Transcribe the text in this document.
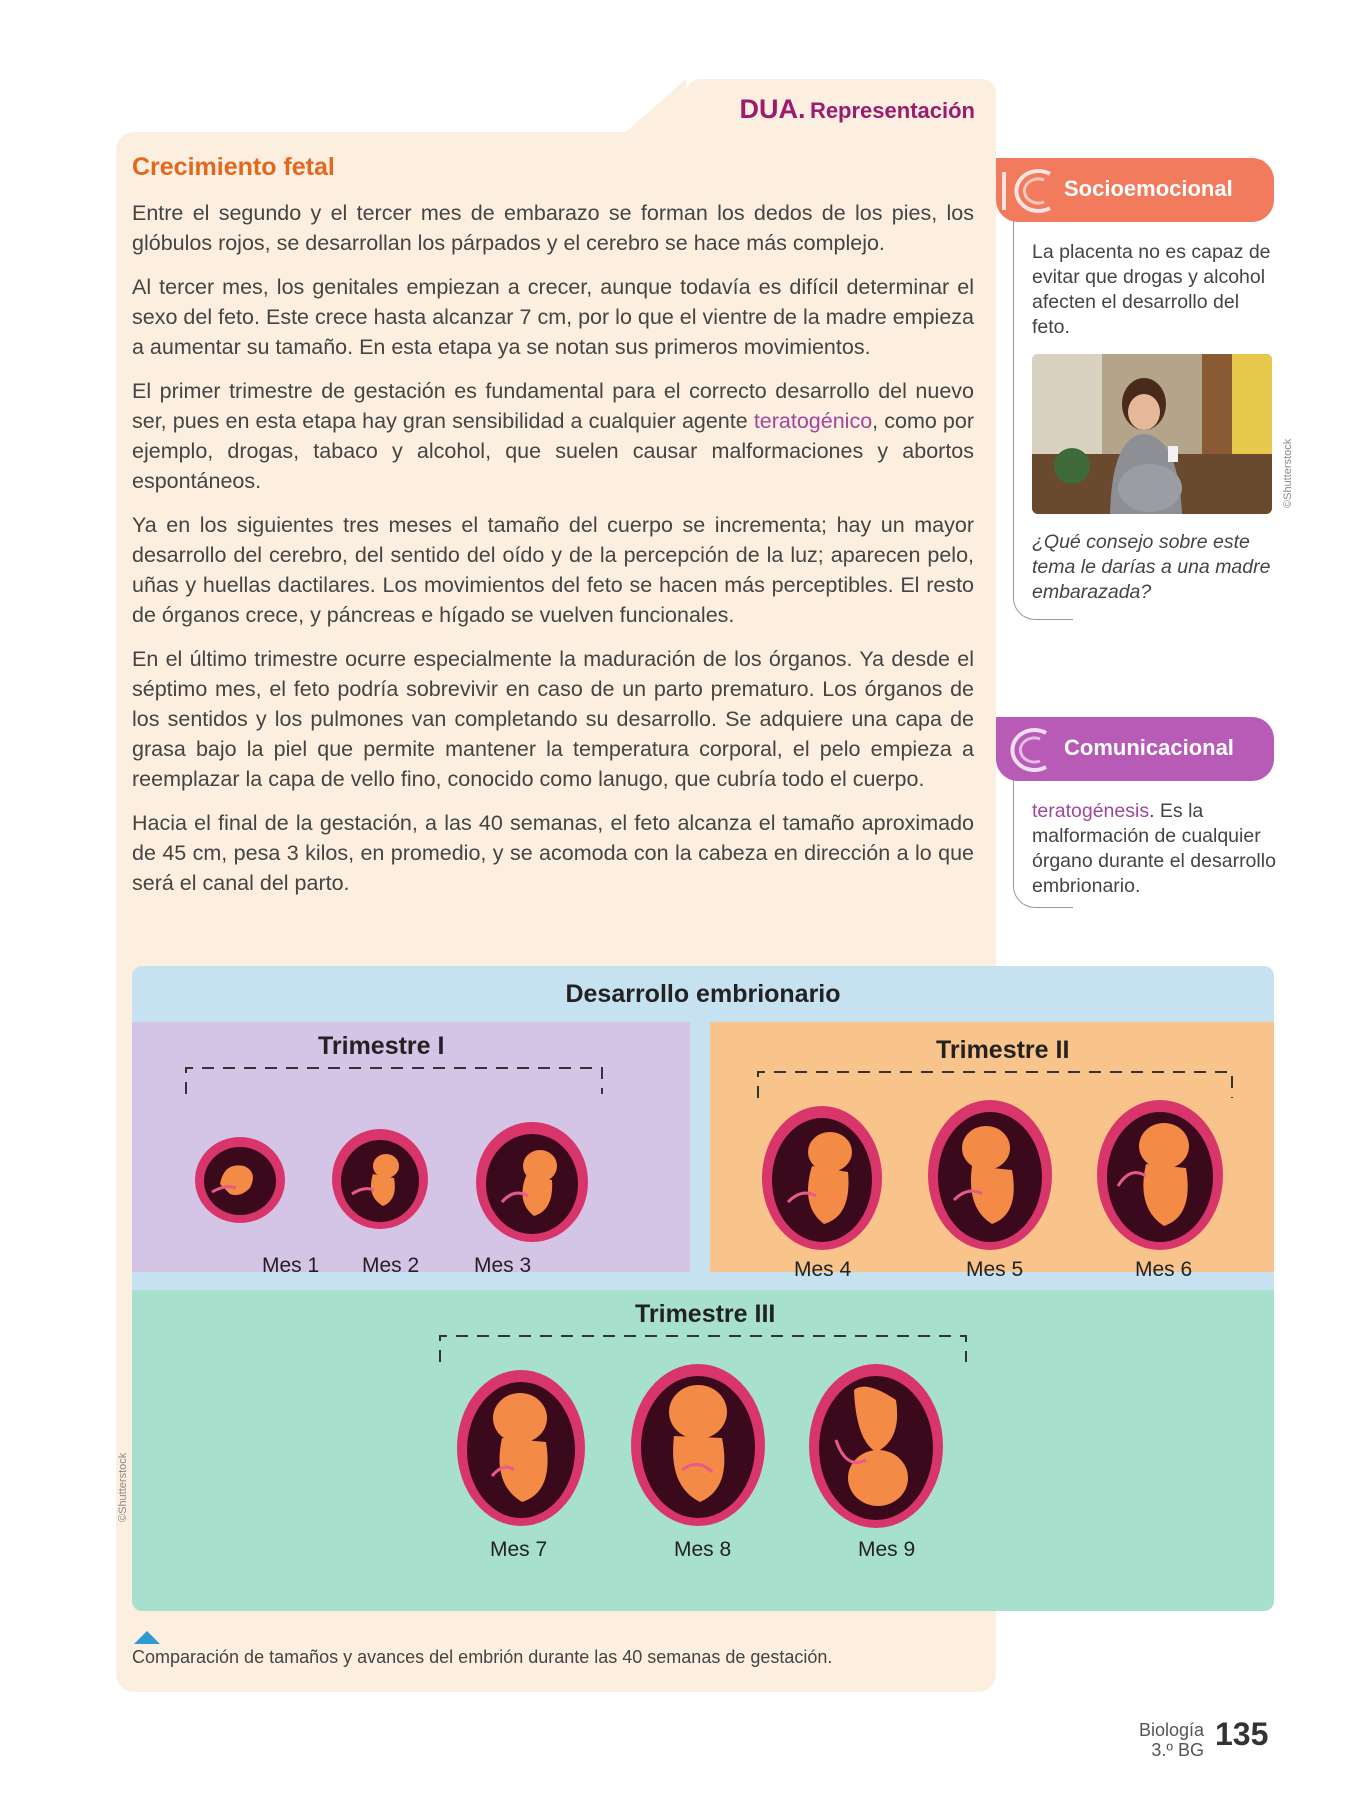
DUA. Representación
Crecimiento fetal

Entre el segundo y el tercer mes de embarazo se forman los dedos de los pies, los glóbulos rojos, se desarrollan los párpados y el cerebro se hace más complejo.

Al tercer mes, los genitales empiezan a crecer, aunque todavía es difícil determinar el sexo del feto. Este crece hasta alcanzar 7 cm, por lo que el vientre de la madre empieza a aumentar su tamaño. En esta etapa ya se notan sus primeros movimientos.

El primer trimestre de gestación es fundamental para el correcto desarrollo del nuevo ser, pues en esta etapa hay gran sensibilidad a cualquier agente teratogénico, como por ejemplo, drogas, tabaco y alcohol, que suelen causar malformaciones y abortos espontáneos.

Ya en los siguientes tres meses el tamaño del cuerpo se incrementa; hay un mayor desarrollo del cerebro, del sentido del oído y de la percepción de la luz; aparecen pelo, uñas y huellas dactilares. Los movimientos del feto se hacen más perceptibles. El resto de órganos crece, y páncreas e hígado se vuelven funcionales.

En el último trimestre ocurre especialmente la maduración de los órganos. Ya desde el séptimo mes, el feto podría sobrevivir en caso de un parto prematuro. Los órganos de los sentidos y los pulmones van completando su desarrollo. Se adquiere una capa de grasa bajo la piel que permite mantener la temperatura corporal, el pelo empieza a reemplazar la capa de vello fino, conocido como lanugo, que cubría todo el cuerpo.

Hacia el final de la gestación, a las 40 semanas, el feto alcanza el tamaño aproximado de 45 cm, pesa 3 kilos, en promedio, y se acomoda con la cabeza en dirección a lo que será el canal del parto.

Desarrollo embrionario
Trimestre I
Mes 1 Mes 2	Mes 3
Trimestre II
Mes 4	Mes 5	Mes 6
Trimestre III
Mes 7	Mes 8	Mes 9
©Shutterstock
Comparación de tamaños y avances del embrión durante las 40 semanas de gestación.
Socioemocional
La placenta no es capaz de evitar que drogas y alcohol afecten el desarrollo del feto.
©Shutterstock
¿Qué consejo sobre este tema le darías a una madre embarazada?
Comunicacional
teratogénesis. Es la malformación de cualquier órgano durante el desarrollo embrionario.
Biología
3.º BG 135
